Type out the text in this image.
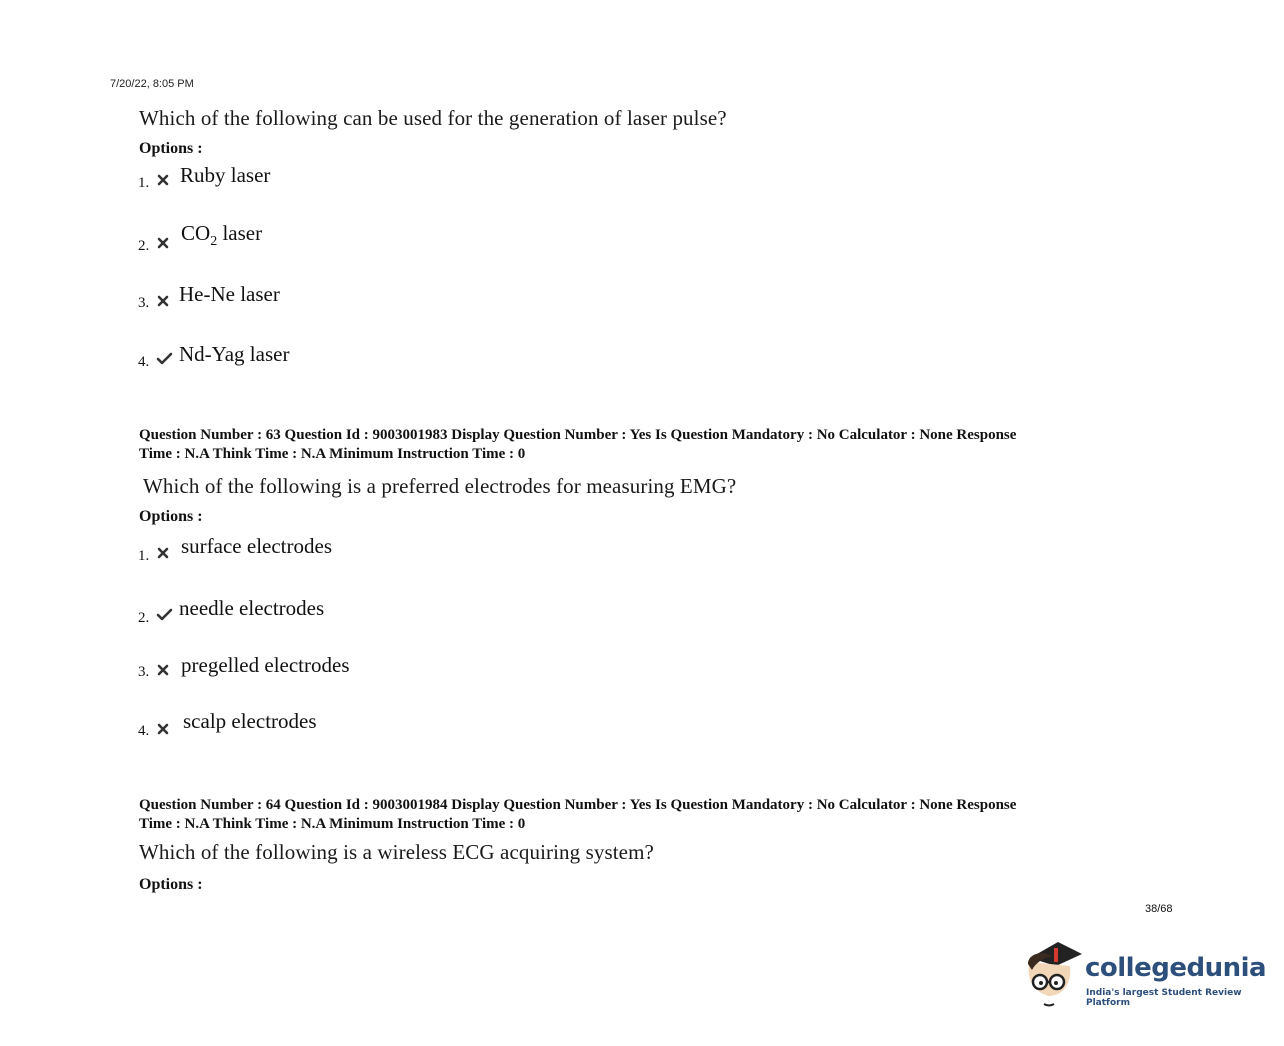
7/20/22, 8:05 PM
Which of the following can be used for the generation of laser pulse?
Options :
1. Ruby laser
2.
$CO_2$ laser
3. He-Ne laser
4. Nd-Yag laser
Question Number : 63 Question Id : 9003001983 Display Question Number : Yes Is Question Mandatory : No Calculator : None Response
Time : N.A Think Time : N.A Minimum Instruction Time : 0
Which of the following is a preferred electrodes for measuring EMG?
Options :
1. surface electrodes
2. needle electrodes
3. pregelled electrodes
4. scalp electrodes
Question Number : 64 Question Id : 9003001984 Display Question Number : Yes Is Question Mandatory : No Calculator : None Response
Time : N.A Think Time : N.A Minimum Instruction Time : 0
Which of the following is a wireless ECG acquiring system?
Options :
38/68
collegedunia
India's largest Student Review Platform
